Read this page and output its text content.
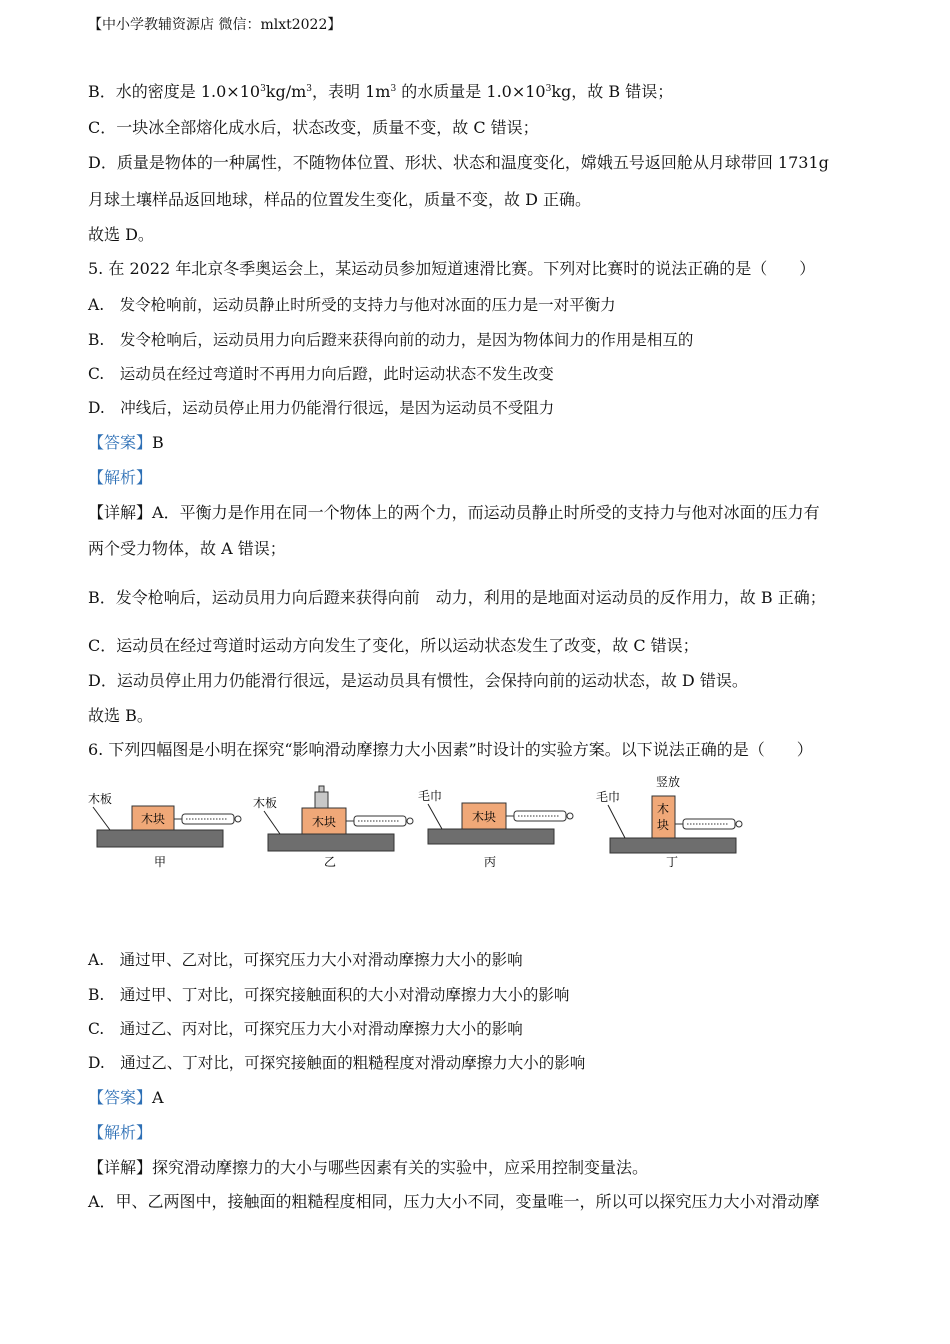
【中小学教辅资源店 微信：mlxt2022】
B．水的密度是 $1.0\times 10^3kg/m^3$，表明 $1m^3$ 的水质量是 $1.0\times 10^3kg$，故 B 错误；
C．一块冰全部熔化成水后，状态改变，质量不变，故 C 错误；
D．质量是物体的一种属性，不随物体位置、形状、状态和温度变化，嫦娥五号返回舱从月球带回 1731g
月球土壤样品返回地球，样品的位置发生变化，质量不变，故 D 正确。
故选 D。
5. 在 2022 年北京冬季奥运会上，某运动员参加短道速滑比赛。下列对比赛时的说法正确的是（　　）
A.　发令枪响前，运动员静止时所受的支持力与他对冰面的压力是一对平衡力
B.　发令枪响后，运动员用力向后蹬来获得向前的动力，是因为物体间力的作用是相互的
C.　运动员在经过弯道时不再用力向后蹬，此时运动状态不发生改变
D.　冲线后，运动员停止用力仍能滑行很远，是因为运动员不受阻力
【答案】B
【解析】
【详解】A．平衡力是作用在同一个物体上的两个力，而运动员静止时所受的支持力与他对冰面的压力有
两个受力物体，故 A 错误；
B．发令枪响后，运动员用力向后蹬来获得向前　动力，利用的是地面对运动员的反作用力，故 B 正确；
C．运动员在经过弯道时运动方向发生了变化，所以运动状态发生了改变，故 C 错误；
D．运动员停止用力仍能滑行很远，是运动员具有惯性，会保持向前的运动状态，故 D 错误。
故选 B。
6. 下列四幅图是小明在探究“影响滑动摩擦力大小因素”时设计的实验方案。以下说法正确的是（　　）
木板
木块
甲
木板
木块
乙
毛巾
木块
丙
竖放
毛巾
木
块
丁
A.　通过甲、乙对比，可探究压力大小对滑动摩擦力大小的影响
B.　通过甲、丁对比，可探究接触面积的大小对滑动摩擦力大小的影响
C.　通过乙、丙对比，可探究压力大小对滑动摩擦力大小的影响
D.　通过乙、丁对比，可探究接触面的粗糙程度对滑动摩擦力大小的影响
【答案】A
【解析】
【详解】探究滑动摩擦力的大小与哪些因素有关的实验中，应采用控制变量法。
A．甲、乙两图中，接触面的粗糙程度相同，压力大小不同，变量唯一，所以可以探究压力大小对滑动摩
